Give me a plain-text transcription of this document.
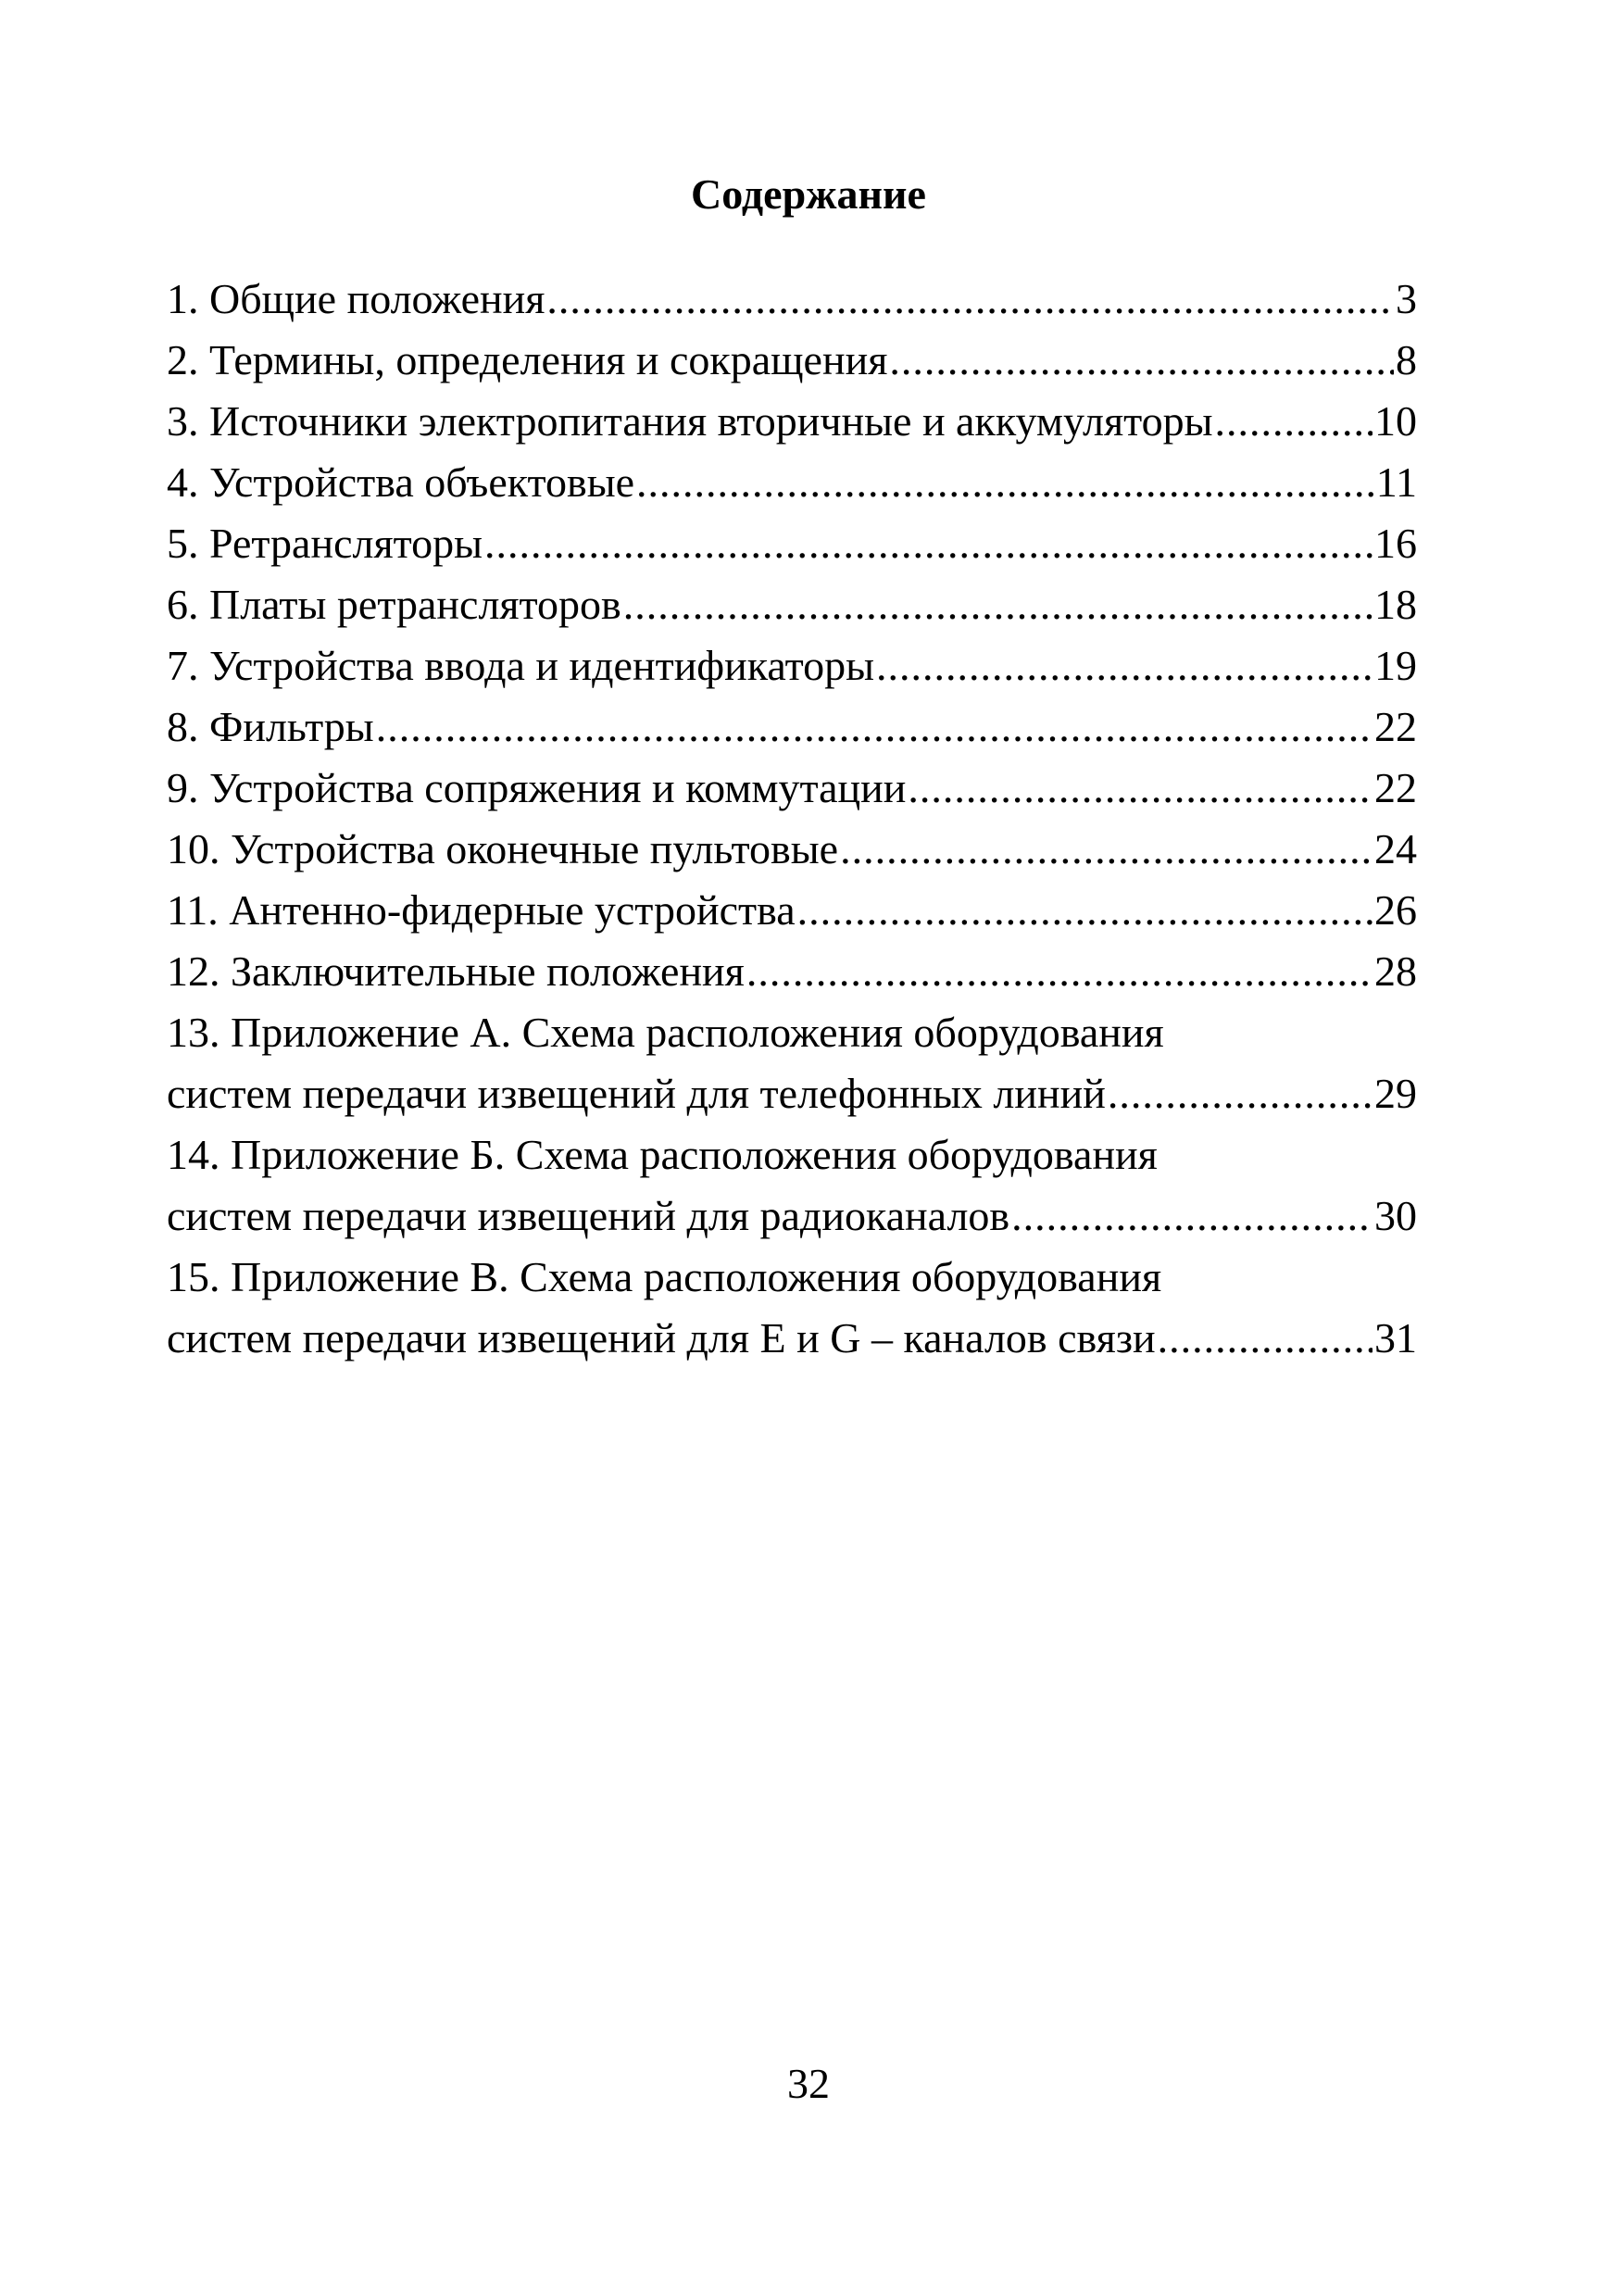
Содержание
1. Общие положения .....	3
2. Термины, определения и сокращения .....	8
3. Источники электропитания вторичные и аккумуляторы .....	10
4. Устройства объектовые .....	11
5. Ретрансляторы .....	16
6. Платы ретрансляторов .....	18
7. Устройства ввода и идентификаторы .....	19
8. Фильтры .....	22
9. Устройства сопряжения и коммутации .....	22
10. Устройства оконечные пультовые .....	24
11. Антенно-фидерные устройства .....	26
12. Заключительные положения .....	28
13. Приложение А. Схема расположения оборудования
систем передачи извещений для телефонных линий .....	29
14. Приложение Б. Схема расположения оборудования
систем передачи извещений для радиоканалов .....	30
15. Приложение В. Схема расположения оборудования
систем передачи извещений для E и G – каналов связи .....	31
32
